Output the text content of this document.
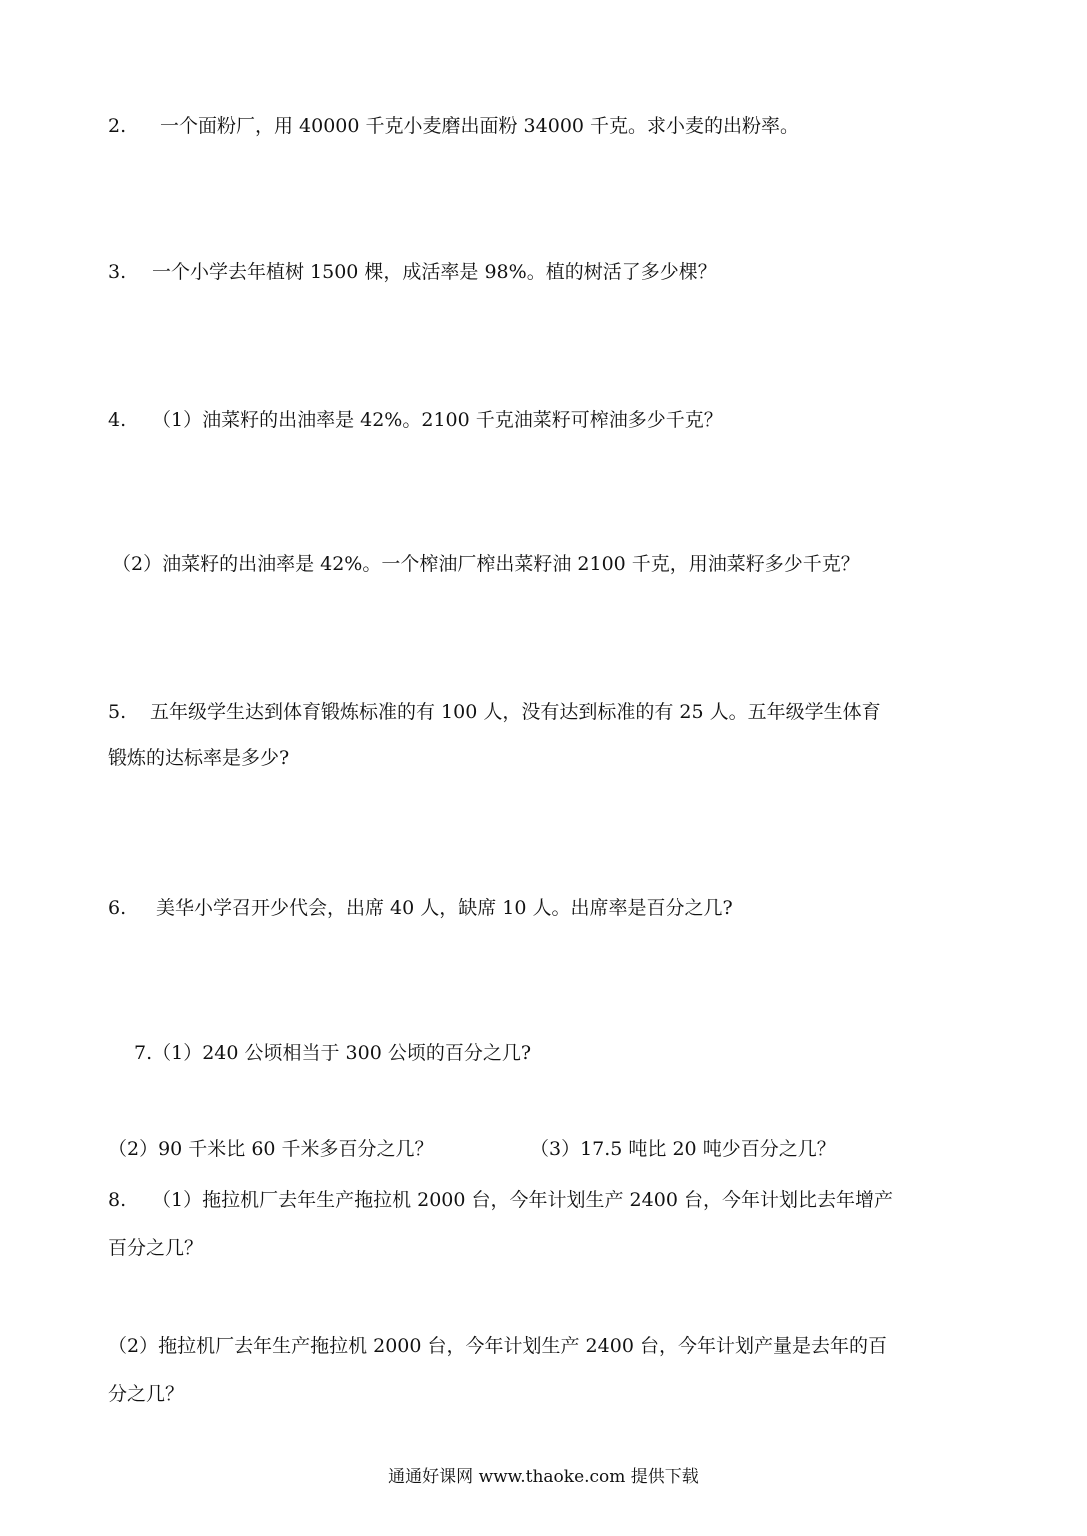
2. 一个面粉厂，用 40000 千克小麦磨出面粉 34000 千克。求小麦的出粉率。
3. 一个小学去年植树 1500 棵，成活率是 98%。植的树活了多少棵？
4. （1）油菜籽的出油率是 42%。2100 千克油菜籽可榨油多少千克？
（2）油菜籽的出油率是 42%。一个榨油厂榨出菜籽油 2100 千克，用油菜籽多少千克？
5. 五年级学生达到体育锻炼标准的有 100 人，没有达到标准的有 25 人。五年级学生体育
锻炼的达标率是多少?
6. 美华小学召开少代会，出席 40 人，缺席 10 人。出席率是百分之几?
7.（1）240 公顷相当于 300 公顷的百分之几?
（2）90 千米比 60 千米多百分之几？	（3）17.5 吨比 20 吨少百分之几？
8. （1）拖拉机厂去年生产拖拉机 2000 台，今年计划生产 2400 台，今年计划比去年增产
百分之几？
（2）拖拉机厂去年生产拖拉机 2000 台，今年计划生产 2400 台，今年计划产量是去年的百
分之几？
通通好课网 www.thaoke.com 提供下载
